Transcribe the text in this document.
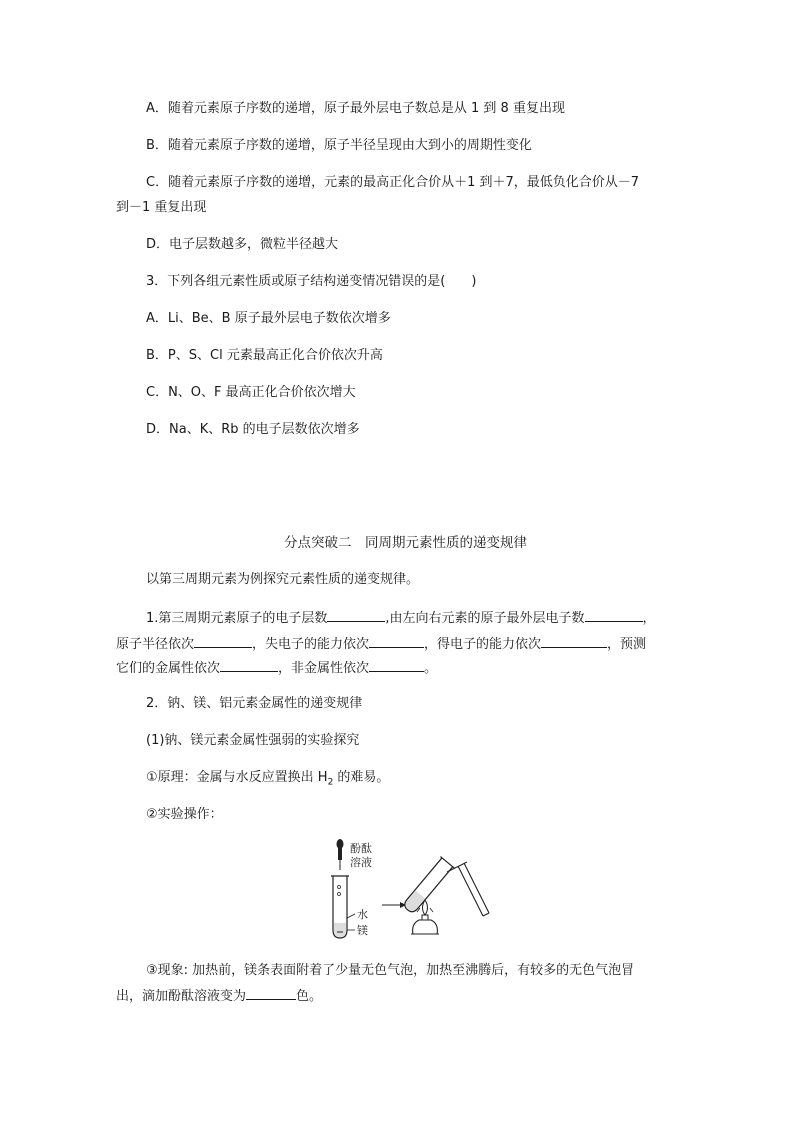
A．随着元素原子序数的递增，原子最外层电子数总是从 1 到 8 重复出现
B．随着元素原子序数的递增，原子半径呈现由大到小的周期性变化
C．随着元素原子序数的递增，元素的最高正化合价从＋1 到＋7，最低负化合价从－7
到－1 重复出现
D．电子层数越多，微粒半径越大
3．下列各组元素性质或原子结构递变情况错误的是(　　)
A．Li、Be、B 原子最外层电子数依次增多
B．P、S、Cl 元素最高正化合价依次升高
C．N、O、F 最高正化合价依次增大
D．Na、K、Rb 的电子层数依次增多
分点突破二　同周期元素性质的递变规律
以第三周期元素为例探究元素性质的递变规律。
1.第三周期元素原子的电子层数	,由左向右元素的原子最外层电子数	，
原子半径依次	，失电子的能力依次	，得电子的能力依次	，预测
它们的金属性依次	，非金属性依次	。
2．钠、镁、铝元素金属性的递变规律
(1)钠、镁元素金属性强弱的实验探究
①原理：金属与水反应置换出 $H_2$ 的难易。
②实验操作：
酚酞
溶液
水
镁
③现象: 加热前，镁条表面附着了少量无色气泡，加热至沸腾后，有较多的无色气泡冒
出，滴加酚酞溶液变为	色。
